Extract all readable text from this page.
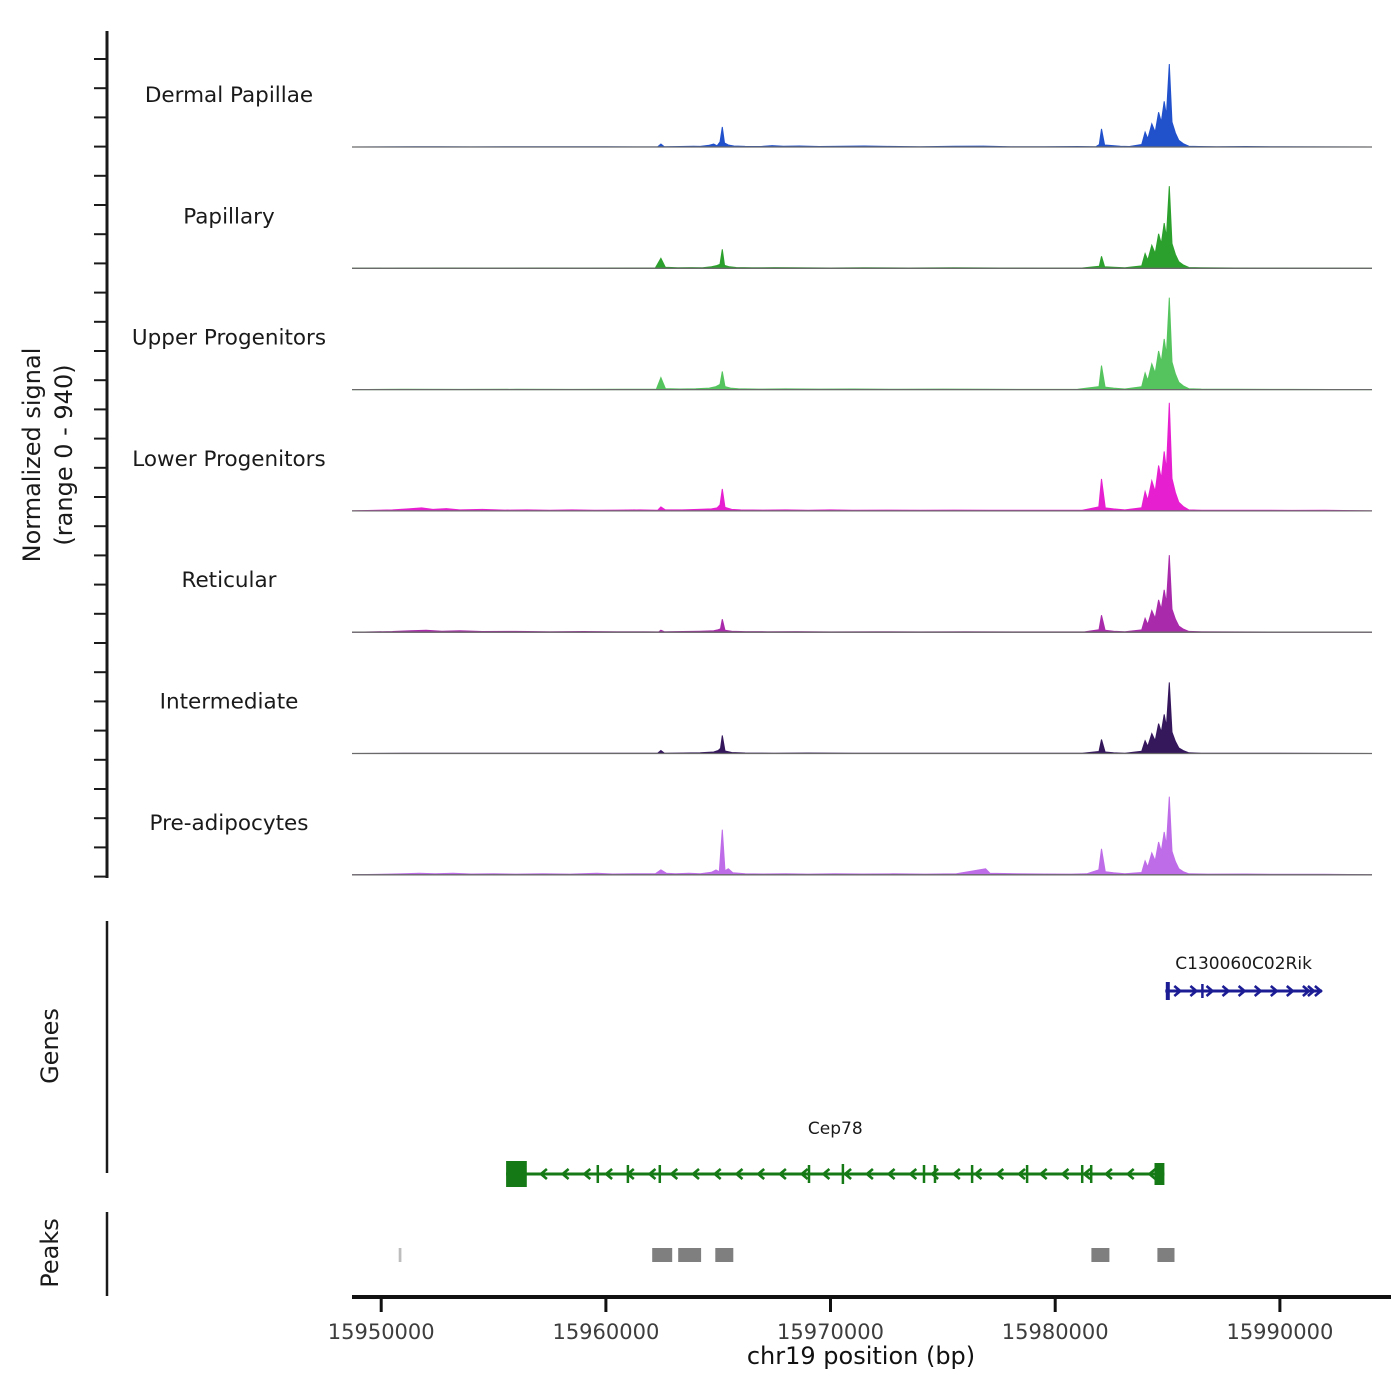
Dermal Papillae
Papillary
Upper Progenitors
Lower Progenitors
Reticular
Intermediate
Pre-adipocytes
Normalized signal (range 0 - 940)
Genes
C130060C02Rik
Cep78
Peaks
15950000	15960000	15970000	15980000	15990000
chr19 position (bp)
